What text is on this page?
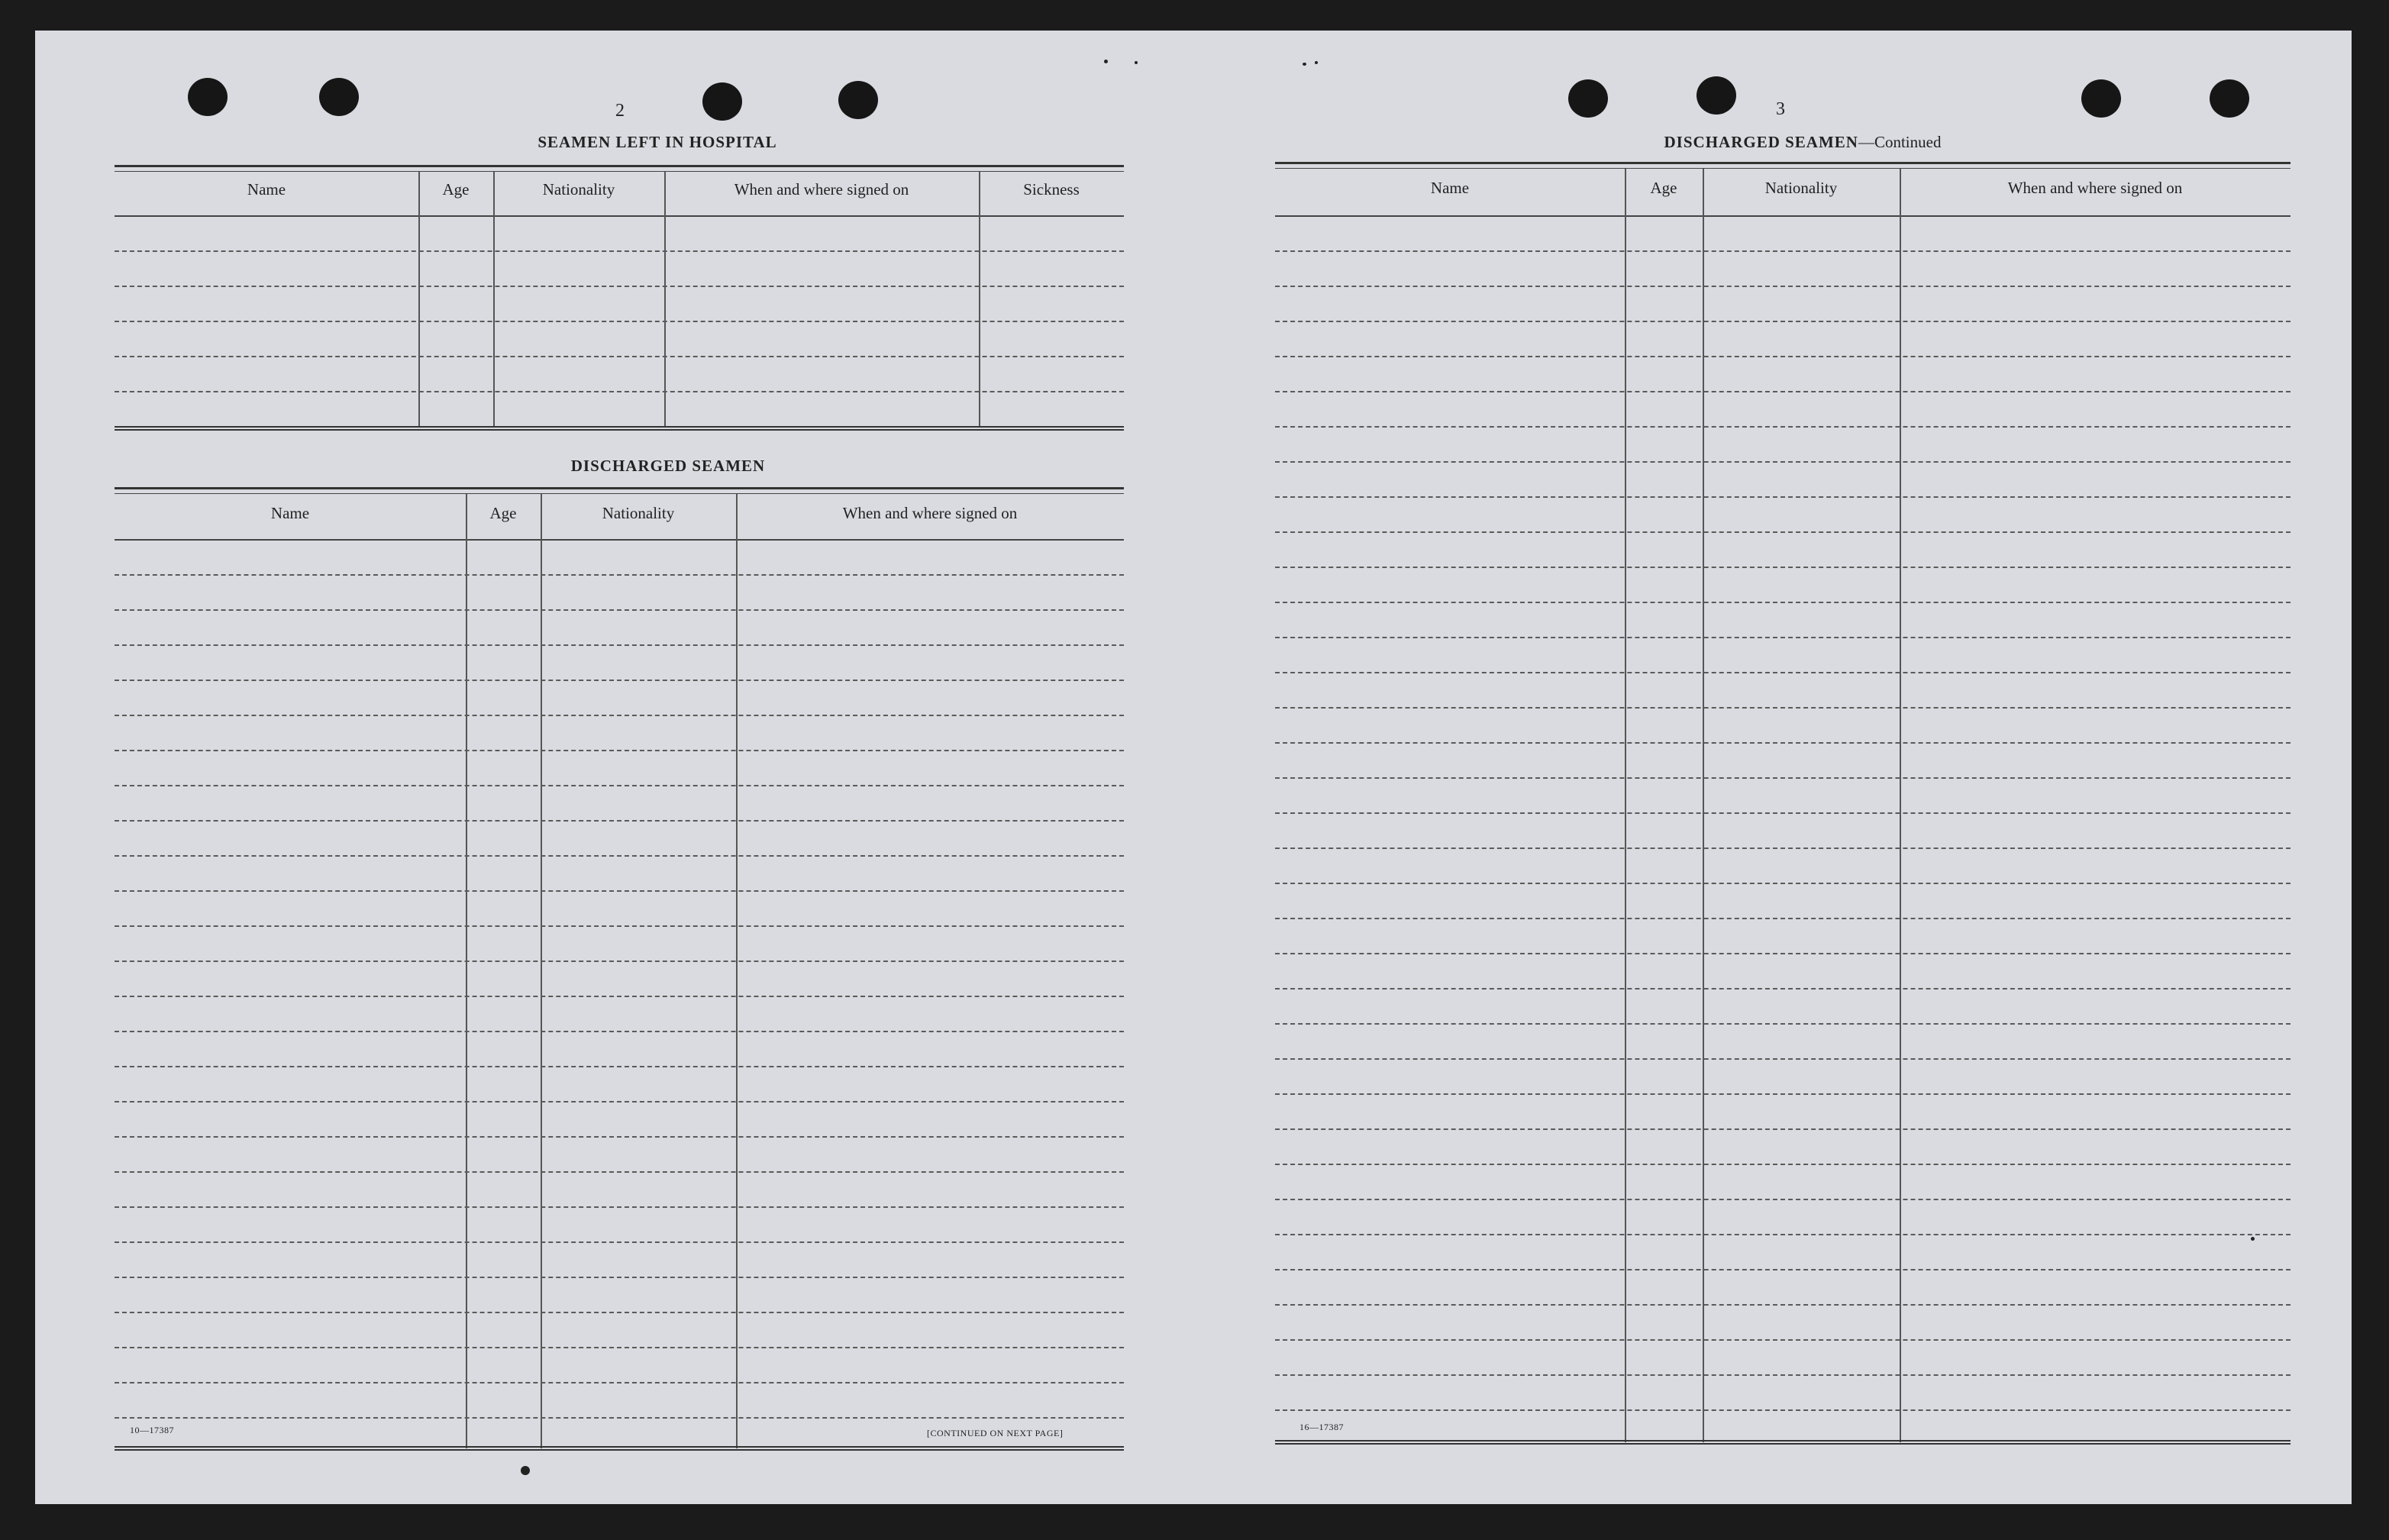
2
SEAMEN LEFT IN HOSPITAL
Name	Age	Nationality	When and where signed on	Sickness
DISCHARGED SEAMEN
Name	Age	Nationality	When and where signed on
10—17387	[CONTINUED ON NEXT PAGE]
3
DISCHARGED SEAMEN—Continued
Name	Age	Nationality	When and where signed on
16—17387
